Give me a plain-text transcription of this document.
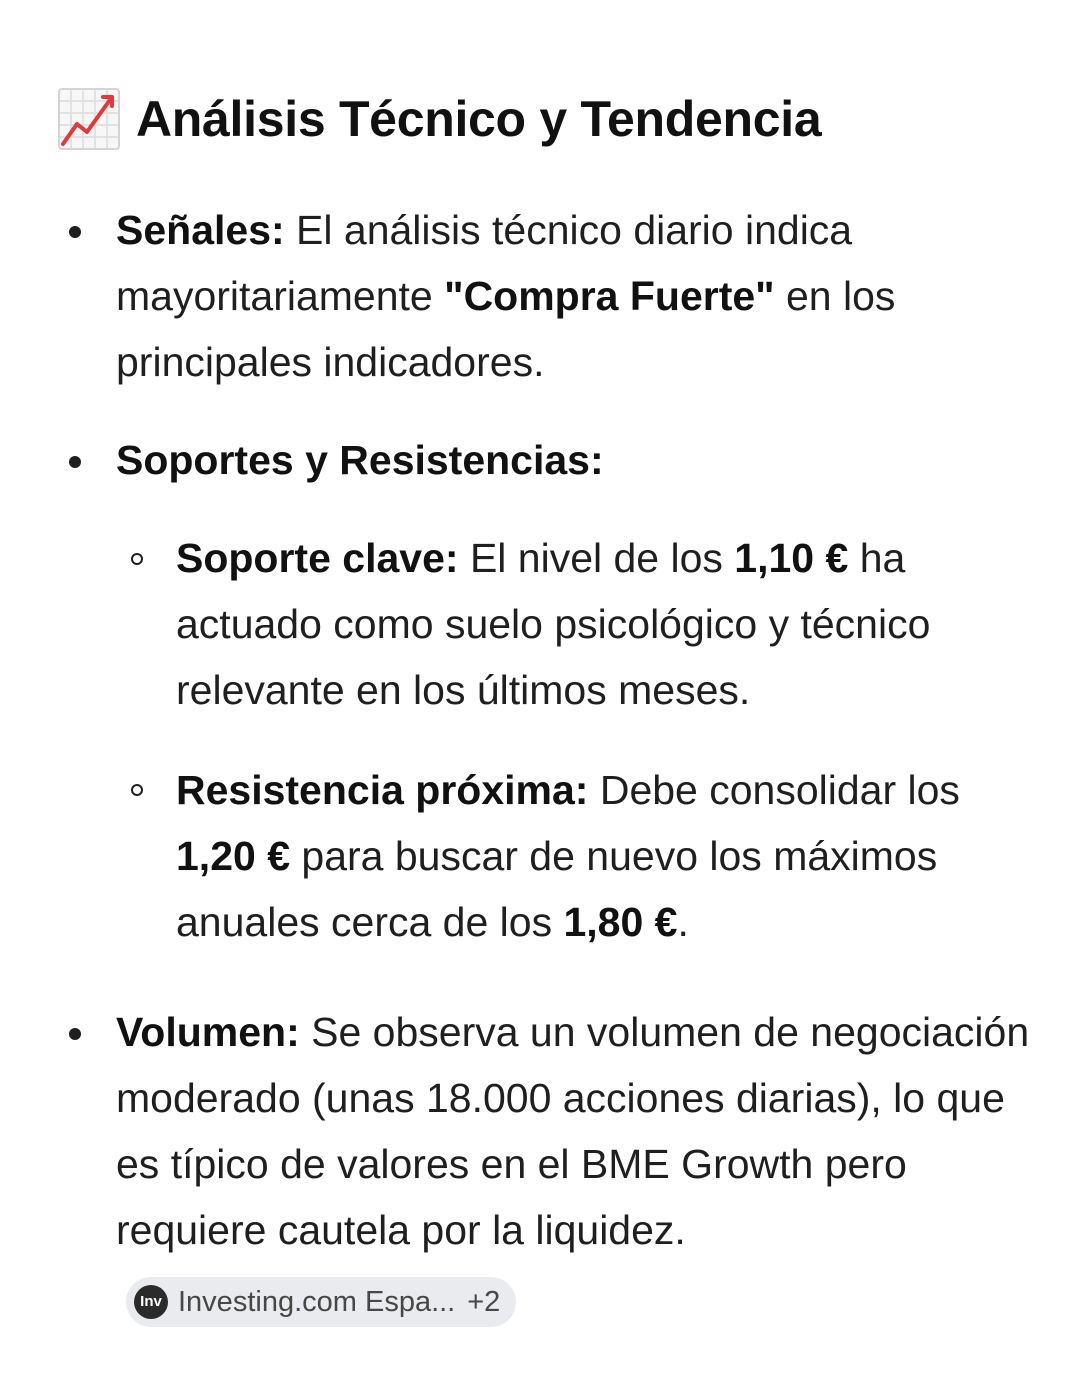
Análisis Técnico y Tendencia

Señales: El análisis técnico diario indica mayoritariamente "Compra Fuerte" en los principales indicadores.

Soportes y Resistencias:

Soporte clave: El nivel de los 1,10 € ha actuado como suelo psicológico y técnico relevante en los últimos meses.

Resistencia próxima: Debe consolidar los 1,20 € para buscar de nuevo los máximos anuales cerca de los 1,80 €.

Volumen: Se observa un volumen de negociación moderado (unas 18.000 acciones diarias), lo que es típico de valores en el BME Growth pero requiere cautela por la liquidez.
Inv Investing.com Espa... +2
